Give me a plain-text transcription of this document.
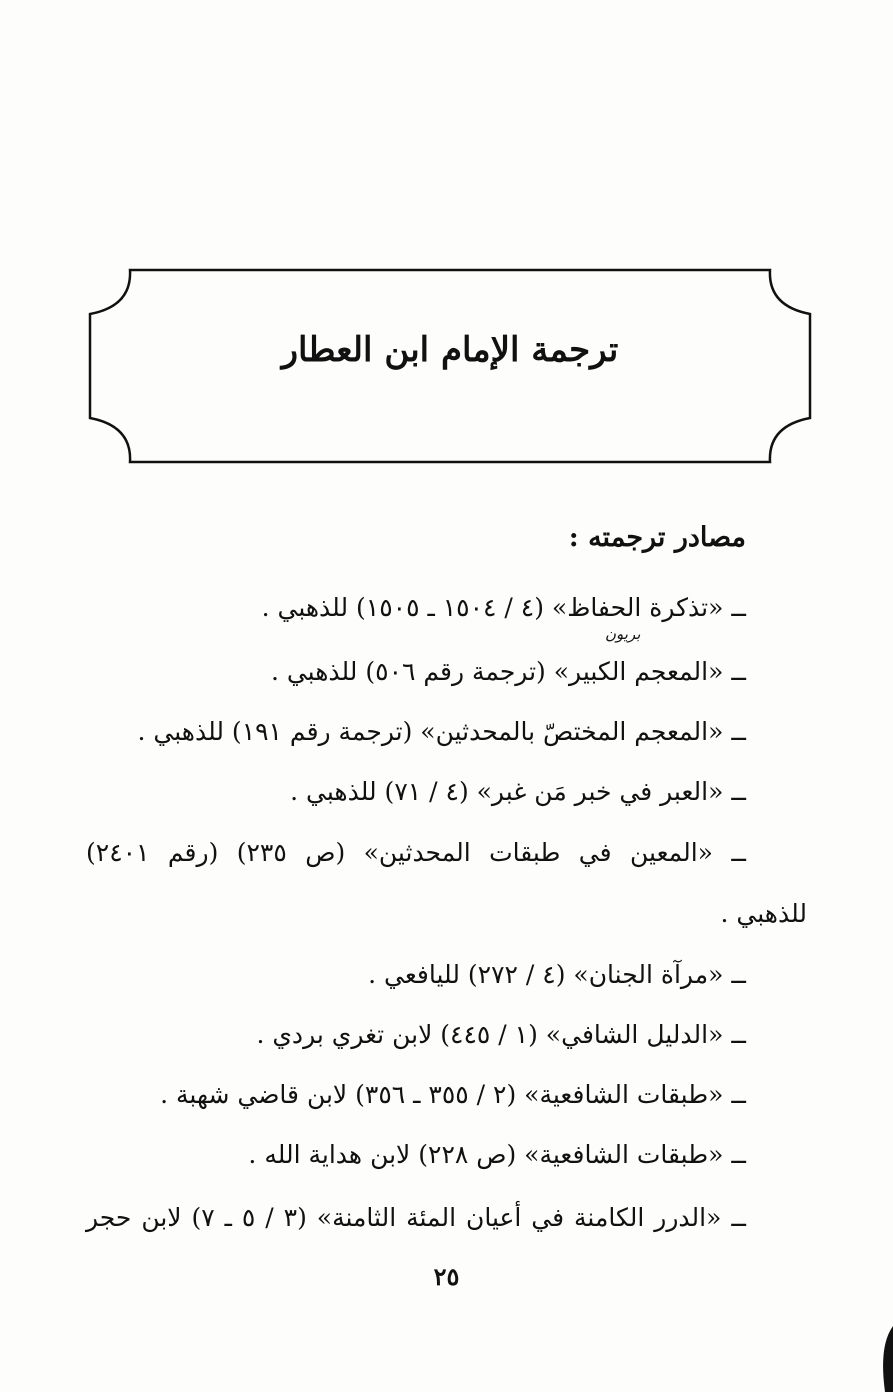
ترجمة الإمام ابن العطار
مصادر ترجمته :
ــ «تذكرة الحفاظ» (٤ / ١٥٠٤ ـ ١٥٠٥) للذهبي .
ــ «المعجم الكبير» (ترجمة رقم ٥٠٦) للذهبي .
بريون
ــ «المعجم المختصّ بالمحدثين» (ترجمة رقم ١٩١) للذهبي .
ــ «العبر في خبر مَن غبر» (٤ / ٧١) للذهبي .
ــ «المعين في طبقات المحدثين» (ص ٢٣٥) (رقم ٢٤٠١)
للذهبي .
ــ «مرآة الجنان» (٤ / ٢٧٢) لليافعي .
ــ «الدليل الشافي» (١ / ٤٤٥) لابن تغري بردي .
ــ «طبقات الشافعية» (٢ / ٣٥٥ ـ ٣٥٦) لابن قاضي شهبة .
ــ «طبقات الشافعية» (ص ٢٢٨) لابن هداية الله .
ــ «الدرر الكامنة في أعيان المئة الثامنة» (٣ / ٥ ـ ٧) لابن حجر
٢٥
